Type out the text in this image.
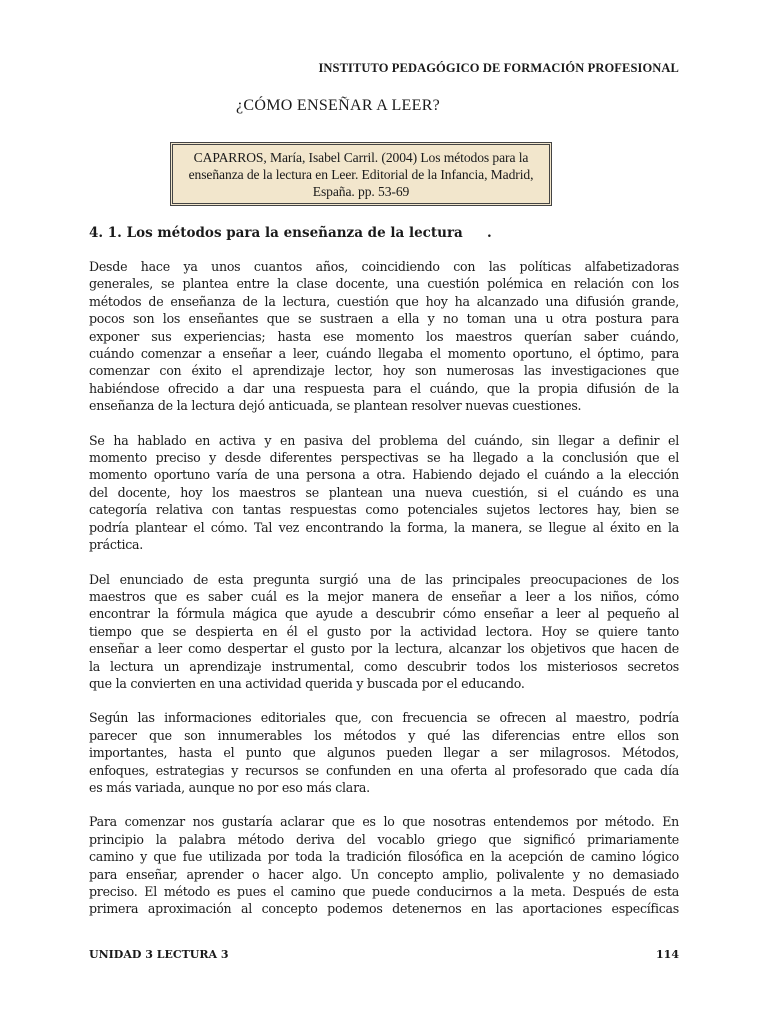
INSTITUTO PEDAGÓGICO DE FORMACIÓN PROFESIONAL
¿CÓMO ENSEÑAR A LEER?
CAPARROS, María, Isabel Carril. (2004) Los métodos para la
enseñanza de la lectura en Leer. Editorial de la Infancia, Madrid,
España. pp. 53-69
4. 1. Los métodos para la enseñanza de la lectura .

Desde hace ya unos cuantos años, coincidiendo con las políticas alfabetizadoras
generales, se plantea entre la clase docente, una cuestión polémica en relación con los
métodos de enseñanza de la lectura, cuestión que hoy ha alcanzado una difusión grande,
pocos son los enseñantes que se sustraen a ella y no toman una u otra postura para
exponer sus experiencias; hasta ese momento los maestros querían saber cuándo,
cuándo comenzar a enseñar a leer, cuándo llegaba el momento oportuno, el óptimo, para
comenzar con éxito el aprendizaje lector, hoy son numerosas las investigaciones que
habiéndose ofrecido a dar una respuesta para el cuándo, que la propia difusión de la
enseñanza de la lectura dejó anticuada, se plantean resolver nuevas cuestiones.

Se ha hablado en activa y en pasiva del problema del cuándo, sin llegar a definir el
momento preciso y desde diferentes perspectivas se ha llegado a la conclusión que el
momento oportuno varía de una persona a otra. Habiendo dejado el cuándo a la elección
del docente, hoy los maestros se plantean una nueva cuestión, si el cuándo es una
categoría relativa con tantas respuestas como potenciales sujetos lectores hay, bien se
podría plantear el cómo. Tal vez encontrando la forma, la manera, se llegue al éxito en la
práctica.

Del enunciado de esta pregunta surgió una de las principales preocupaciones de los
maestros que es saber cuál es la mejor manera de enseñar a leer a los niños, cómo
encontrar la fórmula mágica que ayude a descubrir cómo enseñar a leer al pequeño al
tiempo que se despierta en él el gusto por la actividad lectora. Hoy se quiere tanto
enseñar a leer como despertar el gusto por la lectura, alcanzar los objetivos que hacen de
la lectura un aprendizaje instrumental, como descubrir todos los misteriosos secretos
que la convierten en una actividad querida y buscada por el educando.

Según las informaciones editoriales que, con frecuencia se ofrecen al maestro, podría
parecer que son innumerables los métodos y qué las diferencias entre ellos son
importantes, hasta el punto que algunos pueden llegar a ser milagrosos. Métodos,
enfoques, estrategias y recursos se confunden en una oferta al profesorado que cada día
es más variada, aunque no por eso más clara.

Para comenzar nos gustaría aclarar que es lo que nosotras entendemos por método. En
principio la palabra método deriva del vocablo griego que significó primariamente
camino y que fue utilizada por toda la tradición filosófica en la acepción de camino lógico
para enseñar, aprender o hacer algo. Un concepto amplio, polivalente y no demasiado
preciso. El método es pues el camino que puede conducirnos a la meta. Después de esta
primera aproximación al concepto podemos detenernos en las aportaciones específicas

UNIDAD 3 LECTURA 3	114
